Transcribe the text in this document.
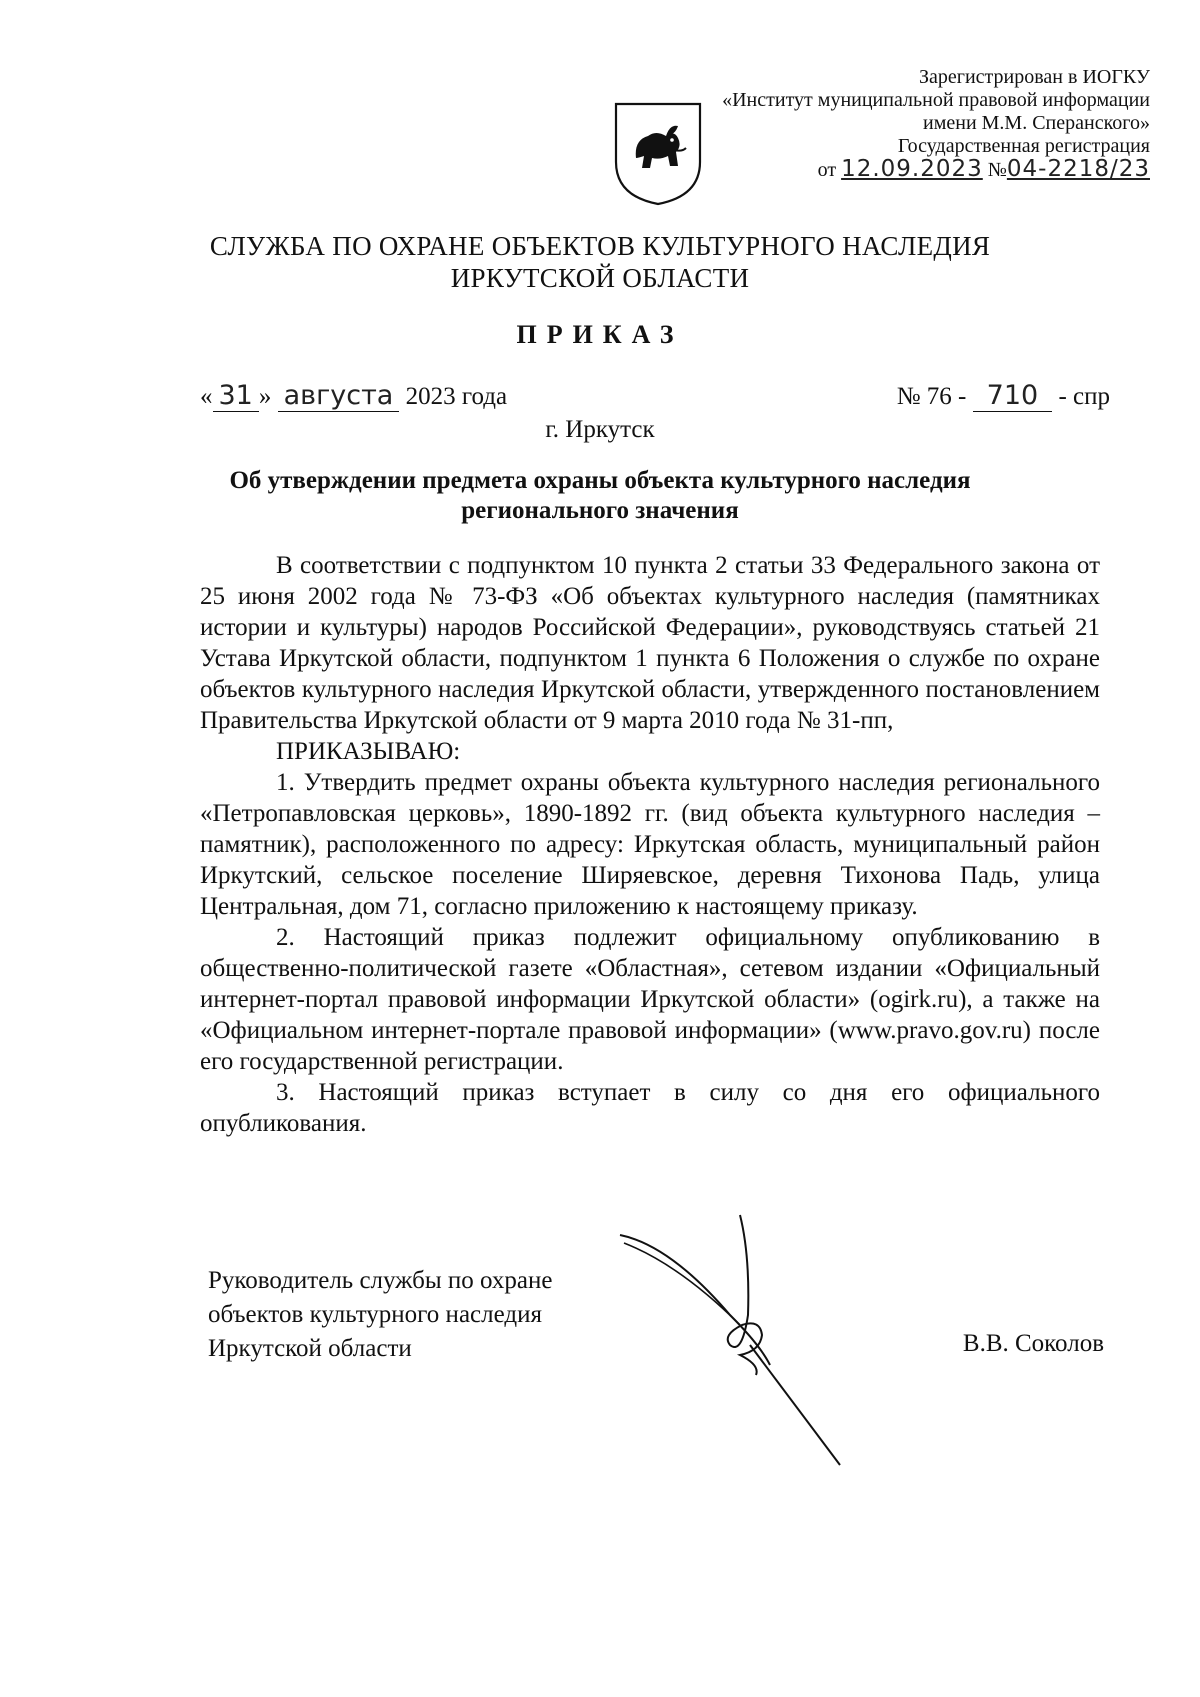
Зарегистрирован в ИОГКУ
«Институт муниципальной правовой информации
имени М.М. Сперанского»
Государственная регистрация
от 12.09.2023 №04-2218/23
СЛУЖБА ПО ОХРАНЕ ОБЪЕКТОВ КУЛЬТУРНОГО НАСЛЕДИЯ
ИРКУТСКОЙ ОБЛАСТИ
ПРИКАЗ
« 31 » августа 2023 года	№ 76 - 710 - спр
г. Иркутск
Об утверждении предмета охраны объекта культурного наследия
регионального значения

В соответствии с подпунктом 10 пункта 2 статьи 33 Федерального закона от 25 июня 2002 года № 73-ФЗ «Об объектах культурного наследия (памятниках истории и культуры) народов Российской Федерации», руководствуясь статьей 21 Устава Иркутской области, подпунктом 1 пункта 6 Положения о службе по охране объектов культурного наследия Иркутской области, утвержденного постановлением Правительства Иркутской области от 9 марта 2010 года № 31-пп,

ПРИКАЗЫВАЮ:

1. Утвердить предмет охраны объекта культурного наследия регионального «Петропавловская церковь», 1890-1892 гг. (вид объекта культурного наследия – памятник), расположенного по адресу: Иркутская область, муниципальный район Иркутский, сельское поселение Ширяевское, деревня Тихонова Падь, улица Центральная, дом 71, согласно приложению к настоящему приказу.

2. Настоящий приказ подлежит официальному опубликованию в общественно-политической газете «Областная», сетевом издании «Официальный интернет-портал правовой информации Иркутской области» (ogirk.ru), а также на «Официальном интернет-портале правовой информации» (www.pravo.gov.ru) после его государственной регистрации.

3. Настоящий приказ вступает в силу со дня его официального опубликования.

Руководитель службы по охране
объектов культурного наследия
Иркутской области	В.В. Соколов
